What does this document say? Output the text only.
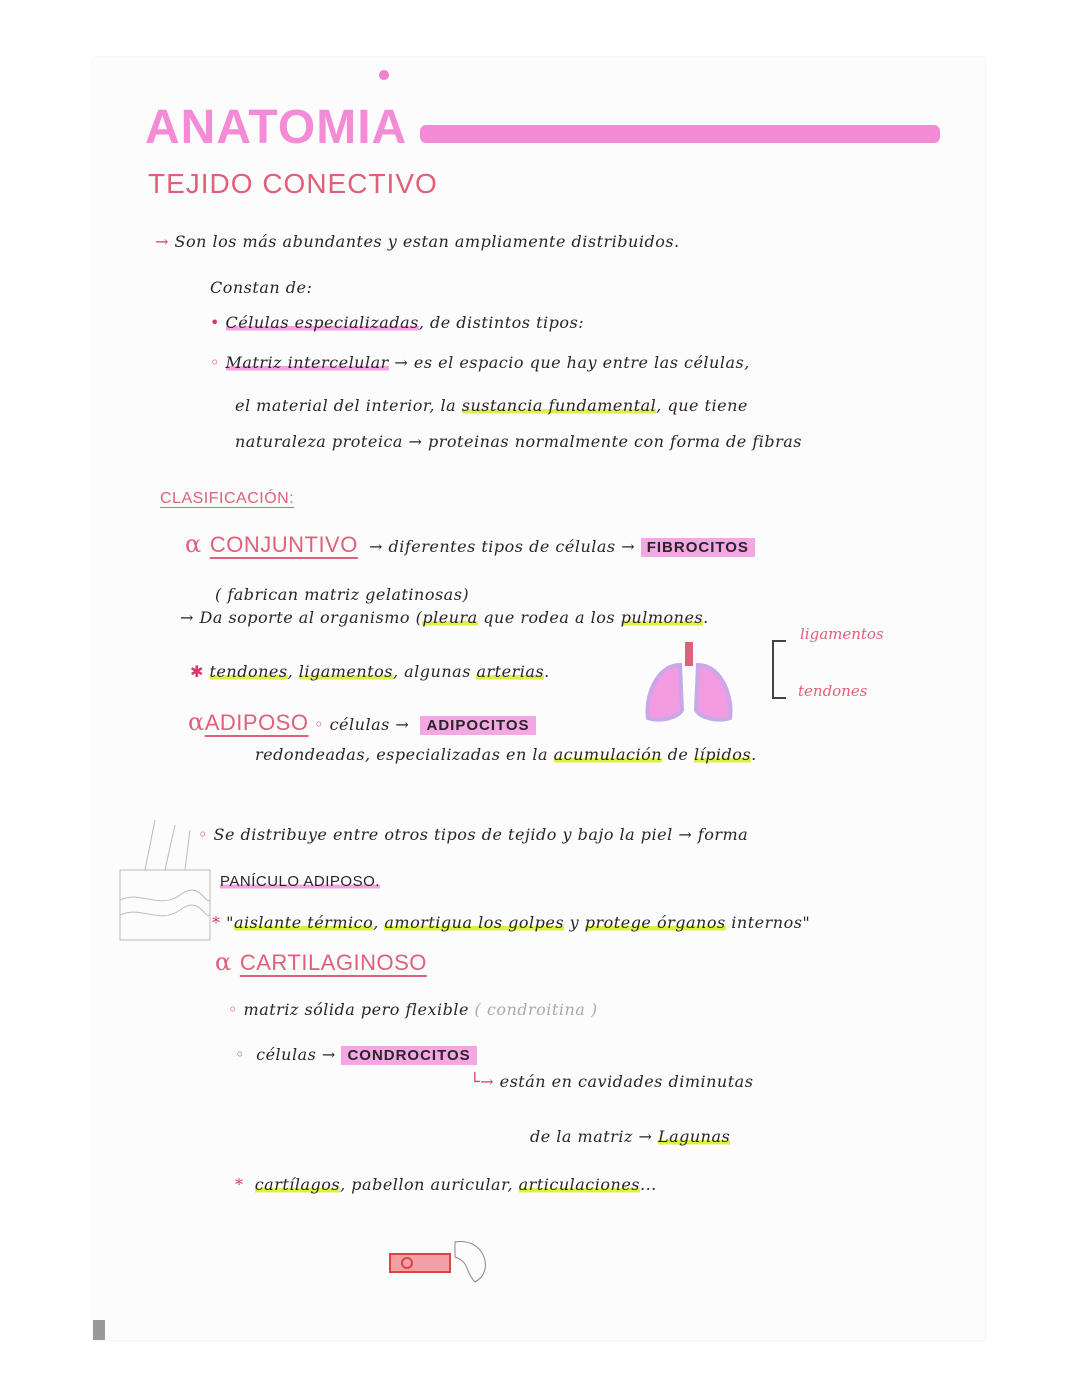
ANATOMIA
TEJIDO CONECTIVO
→ Son los más abundantes y estan ampliamente distribuidos.
Constan de:
• Células especializadas, de distintos tipos:
◦ Matriz intercelular → es el espacio que hay entre las células,
el material del interior, la sustancia fundamental, que tiene
naturaleza proteica → proteinas normalmente con forma de fibras
CLASIFICACIÓN:
α CONJUNTIVO → diferentes tipos de células → FIBROCITOS
( fabrican matriz gelatinosas)
→ Da soporte al organismo (pleura que rodea a los pulmones.
✱ tendones, ligamentos, algunas arterias.
ligamentos
tendones
αADIPOSO ◦ células → ADIPOCITOS
redondeadas, especializadas en la acumulación de lípidos.
◦ Se distribuye entre otros tipos de tejido y bajo la piel → forma
PANÍCULO ADIPOSO.
* "aislante térmico, amortigua los golpes y protege órganos internos"
α CARTILAGINOSO
◦ matriz sólida pero flexible ( condroitina )
◦  células → CONDROCITOS
└→ están en cavidades diminutas
de la matriz → Lagunas
*  cartílagos, pabellon auricular, articulaciones...
